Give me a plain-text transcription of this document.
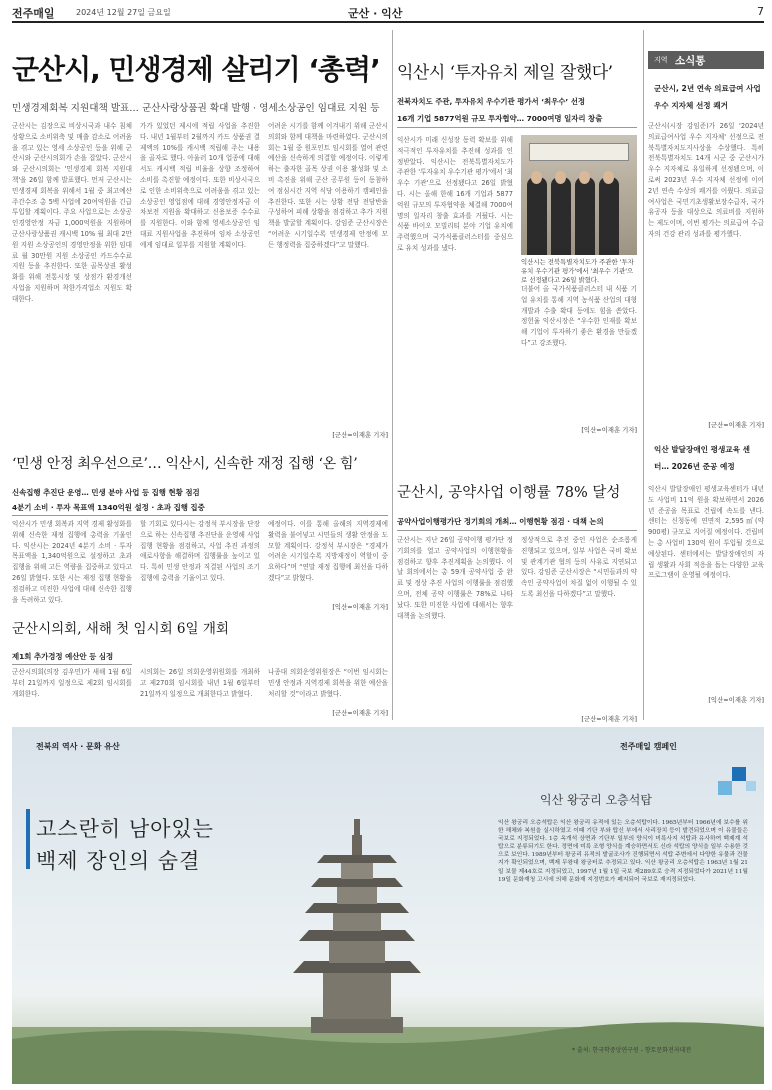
전주매일	2024년 12월 27일 금요일	군산 · 익산	7
군산시, 민생경제 살리기 ‘총력’
민생경제회복 지원대책 발표… 군산사랑상품권 확대 발행 · 영세소상공인 임대료 지원 등
군산시는 김장으로 비상시국과 내수 침체 상황으로 소비위축 및 매출 감소로 어려움을 겪고 있는 영세 소상공인 등을 위해 군산시와 군산시의회가 손을 잡았다. 군산시와 군산시의회는 '민생경제 회복 지원대책'을 26일 함께 발표했다. 먼저 군산시는 민생경제 회복을 위해서 1월 중 최고예산 주간수조 총 5백 사업에 20여억원을 긴급 투입할 계획이다. 주요 사업으로는 소상공인경영안정 자금 1,000억원을 지원하며 군산사랑상품권 캐시백 10% 월 최대 2만원 지원 소상공인의 경영안정을 위한 임대료 월 30만원 지원 소상공인 카드수수료 지원 등을 추진한다. 또한 골목상권 활성화를 위해 전통시장 및 상점가 환경개선 사업을 지원하며 착한가격업소 지원도 확대한다.
가가 있었던 제시에 적립 사업을 추진한다. 내년 1월부터 2월까지 카드 상품권 결제액의 10%를 캐시백 적립해 주는 내용을 골자로 했다. 아울러 10개 업종에 대해서도 캐시백 적립 비율을 상향 조정하여 소비를 촉진할 예정이다. 또한 비상시국으로 인한 소비위축으로 어려움을 겪고 있는 소상공인 영업점에 대해 경영안정자금 이차보전 지원을 확대하고 신용보증 수수료를 지원한다. 이와 함께 영세소상공인 임대료 지원사업을 추진하며 임차 소상공인에게 임대료 일부를 지원할 계획이다.
어려운 시기를 함께 이겨내기 위해 군산시의회와 함께 대책을 마련하였다. 군산시의회는 1월 중 원포인트 임시회를 열어 관련 예산을 신속하게 의결할 예정이다. 이렇게 하는 출자한 골목 상권 이용 활성화 및 소비 촉진을 위해 군산 공무원 등이 동참하여 점심시간 지역 식당 이용하기 캠페인을 추진한다. 또한 시는 상황 전담 전담반을 구성하여 피해 상황을 점검하고 추가 지원책을 발굴할 계획이다. 강임준 군산시장은 “어려운 시기일수록 민생경제 안정에 모든 행정력을 집중하겠다”고 말했다.
[군산=이재훈 기자]
익산시 ‘투자유치 제일 잘했다’
전북자치도 주관, 투자유치 우수기관 평가서 ‘최우수’ 선정
16개 기업 5877억원 규모 투자협약… 7000여명 일자리 창출
익산시가 미래 신성장 동력 확보를 위해 적극적인 투자유치를 추진해 성과를 인정받았다. 익산시는 전북특별자치도가 주관한 '투자유치 우수기관 평가'에서 '최우수 기관'으로 선정됐다고 26일 밝혔다. 시는 올해 한해 16개 기업과 5877억원 규모의 투자협약을 체결해 7000여 명의 일자리 창출 효과를 거뒀다. 시는 식품 바이오 모빌리티 분야 기업 유치에 주력했으며 국가식품클러스터를 중심으로 유치 성과를 냈다.
익산시는 전북특별자치도가 주관한 '투자유치 우수기관 평가'에서 '최우수 기관'으로 선정됐다고 26일 밝혔다.
더불어 올 국가식품클러스터 내 식품 기업 유치를 통해 지역 농식품 산업의 대형 개발과 수출 확대 등에도 힘을 쏟았다. 정헌율 익산시장은 “우수한 인재를 확보해 기업이 투자하기 좋은 환경을 만들겠다”고 강조했다.
[익산=이재훈 기자]
지역 소식통
군산시, 2년 연속 의료급여 사업 우수 지자체 선정 쾌거
군산시(시장 강임준)가 26일 '2024년 의료급여사업 우수 지자체' 선정으로 전북특별자치도지사상을 수상했다. 특히 전북특별자치도 14개 시군 중 군산시가 우수 지자체로 유일하게 선정됐으며, 이로써 2023년 우수 지자체 선정에 이어 2년 연속 수상의 쾌거를 이뤘다. 의료급여사업은 국민기초생활보장수급자, 국가유공자 등을 대상으로 의료비를 지원하는 제도이며, 이번 평가는 의료급여 수급자의 건강 관리 성과를 평가했다.
[군산=이재훈 기자]
익산 발달장애인 평생교육 센터… 2026년 준공 예정
익산시 발달장애인 평생교육센터가 내년도 사업비 11억 원을 확보하면서 2026년 준공을 목표로 건립에 속도를 낸다. 센터는 신청동에 연면적 2,595㎡(약 900평) 규모로 지어질 예정이다. 건립비는 총 사업비 130억 원이 투입될 것으로 예상된다. 센터에서는 발달장애인의 자립 생활과 사회 적응을 돕는 다양한 교육 프로그램이 운영될 예정이다.
[익산=이재훈 기자]
‘민생 안정 최우선으로’… 익산시, 신속한 재정 집행 ‘온 힘’
신속집행 추진단 운영… 민생 분야 사업 등 집행 현황 점검
4분기 소비 · 투자 목표액 1340억원 설정 · 초과 집행 집중
익산시가 민생 회복과 지역 경제 활성화를 위해 신속한 재정 집행에 총력을 기울인다. 익산시는 2024년 4분기 소비 · 투자 목표액을 1,340억원으로 설정하고 초과 집행을 위해 고든 역량을 집중하고 있다고 26일 밝혔다. 또한 시는 재정 집행 현황을 점검하고 미진한 사업에 대해 신속한 집행을 독려하고 있다.
할 기회로 있다시는 강정석 부시장을 단장으로 하는 신속집행 추진단을 운영해 사업 집행 현황을 점검하고, 사업 추진 과정의 애로사항을 해결하며 집행률을 높이고 있다. 특히 민생 안정과 직결된 사업의 조기 집행에 총력을 기울이고 있다.
예정이다. 이를 통해 올해의 지역경제에 활력을 불어넣고 시민들의 생활 안정을 도모할 계획이다. 강정석 부시장은 “경제가 어려운 시기일수록 지방재정이 역할이 중요하다”며 “연말 재정 집행에 최선을 다하겠다”고 밝혔다.
[익산=이재훈 기자]
군산시, 공약사업 이행률 78% 달성
공약사업이행평가단 정기회의 개최… 이행현황 점검 · 대책 논의
군산시는 지난 26일 공약이행 평가단 정기회의를 열고 공약사업의 이행현황을 점검하고 향후 추진계획을 논의했다. 이날 회의에서는 총 59개 공약사업 중 완료 및 정상 추진 사업의 이행률을 점검했으며, 전체 공약 이행률은 78%로 나타났다. 또한 미진한 사업에 대해서는 향후 대책을 논의했다.
정상적으로 추진 중인 사업은 순조롭게 진행되고 있으며, 일부 사업은 국비 확보 및 관계기관 협의 등의 사유로 지연되고 있다. 강임준 군산시장은 “시민들과의 약속인 공약사업이 차질 없이 이행될 수 있도록 최선을 다하겠다”고 말했다.
[군산=이재훈 기자]
군산시의회, 새해 첫 임시회 6일 개회
제1회 추가경정 예산안 등 심정
군산시의회(의장 김우민)가 새해 1월 6일부터 21일까지 일정으로 제2회 임시회를 개회한다.
시의회는 26일 의회운영위원회를 개최하고 제270회 임시회를 내년 1월 6일부터 21일까지 일정으로 개최한다고 밝혔다.
나종대 의회운영위원장은 “이번 임시회는 민생 안정과 지역경제 회복을 위한 예산을 처리할 것”이라고 밝혔다.
[군산=이재훈 기자]
전북의 역사 · 문화 유산	전주매일 캠페인
고스란히 남아있는
백제 장인의 숨결
익산 왕궁리 오층석탑
익산 왕궁리 오층석탑은 익산 왕궁리 유적에 있는 오층석탑이다. 1965년부터 1966년에 보수를 위한 해체와 복원을 실시하였고 이때 기단 부와 탑신 부에서 사리장치 등이 발견되었으며 이 유물들은 국보로 지정되었다. 1층 옥개석 상면과 기단부 일부의 양식이 미륵사지 석탑과 유사하여 백제계 석탑으로 분류되기도 한다. 정면에 미륵 조형 양식을 계승하면서도 신라 석탑의 양식을 일부 수용한 것으로 보인다. 1989년부터 왕궁리 유적의 발굴조사가 진행되면서 석탑 주변에서 다양한 유물과 건물지가 확인되었으며, 백제 무왕대 왕궁터로 추정되고 있다. 익산 왕궁리 오층석탑은 1963년 1월 21일 보물 제44호로 지정되었고, 1997년 1월 1일 국보 제289호로 승격 지정되었다가 2021년 11월 19일 문화재청 고시에 의해 문화재 지정번호가 폐지되어 국보로 재지정되었다.
* 출처: 한국학중앙연구원 - 향토문화전자대전
